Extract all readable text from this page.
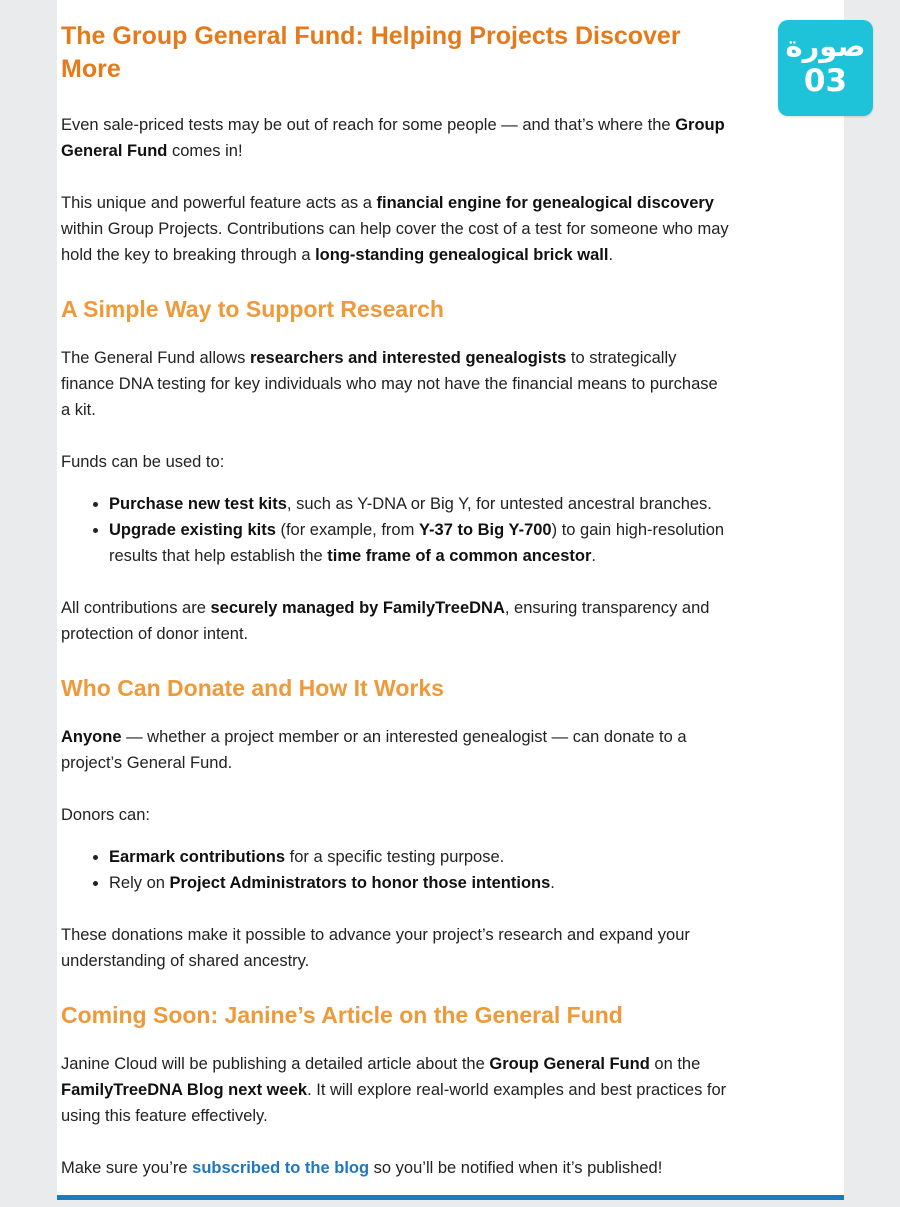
The Group General Fund: Helping Projects Discover More

Even sale-priced tests may be out of reach for some people — and that’s where the Group General Fund comes in!

This unique and powerful feature acts as a financial engine for genealogical discovery within Group Projects. Contributions can help cover the cost of a test for someone who may hold the key to breaking through a long-standing genealogical brick wall.

A Simple Way to Support Research

The General Fund allows researchers and interested genealogists to strategically finance DNA testing for key individuals who may not have the financial means to purchase a kit.

Funds can be used to:

• Purchase new test kits, such as Y-DNA or Big Y, for untested ancestral branches.
• Upgrade existing kits (for example, from Y-37 to Big Y-700) to gain high-resolution results that help establish the time frame of a common ancestor.

All contributions are securely managed by FamilyTreeDNA, ensuring transparency and protection of donor intent.

Who Can Donate and How It Works

Anyone — whether a project member or an interested genealogist — can donate to a project’s General Fund.

Donors can:

• Earmark contributions for a specific testing purpose.
• Rely on Project Administrators to honor those intentions.

These donations make it possible to advance your project’s research and expand your understanding of shared ancestry.

Coming Soon: Janine’s Article on the General Fund

Janine Cloud will be publishing a detailed article about the Group General Fund on the FamilyTreeDNA Blog next week. It will explore real-world examples and best practices for using this feature effectively.

Make sure you’re subscribed to the blog so you’ll be notified when it’s published!

صورة
03
